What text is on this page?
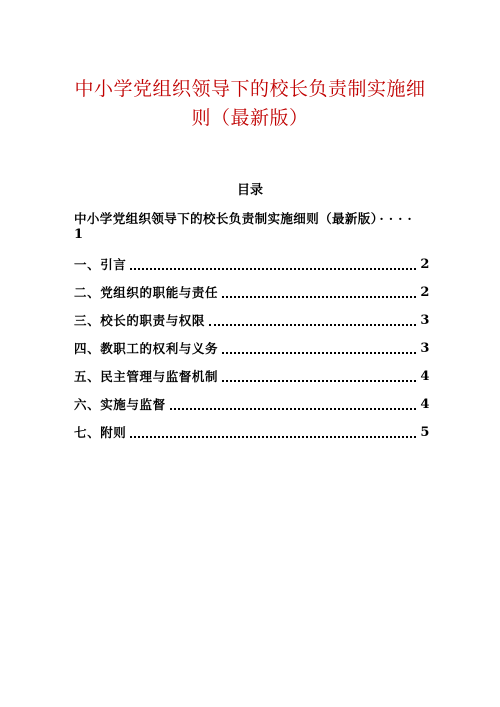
中小学党组织领导下的校长负责制实施细
则（最新版）
目录
中小学党组织领导下的校长负责制实施细则（最新版） ····
1
一、引言	2
二、党组织的职能与责任	2
三、校长的职责与权限	3
四、教职工的权利与义务	3
五、民主管理与监督机制	4
六、实施与监督	4
七、附则	5
